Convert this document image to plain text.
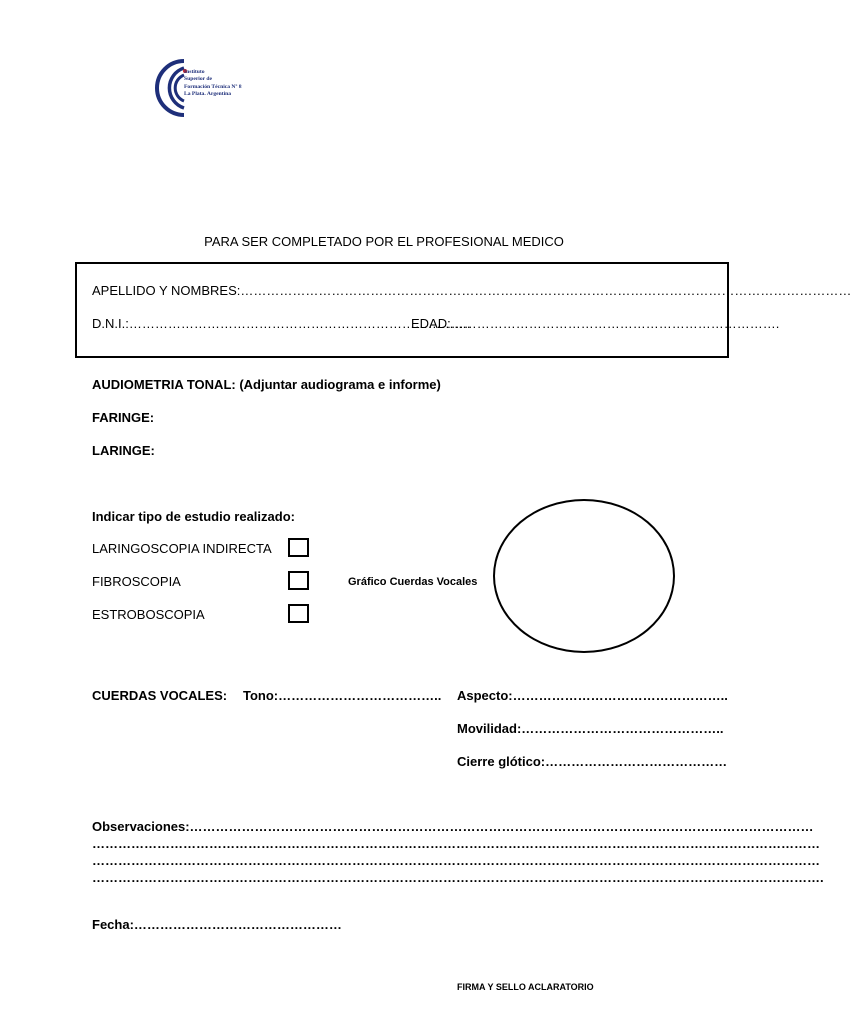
Instituto
Superior de
Formación Técnica Nº 8
La Plata. Argentina
PARA SER COMPLETADO POR EL PROFESIONAL MEDICO
APELLIDO Y NOMBRES:……………………………………………………………………………………………………………………………
D.N.I.:…………………………………………………………………….
EDAD:………………………………………………………………….
AUDIOMETRIA TONAL: (Adjuntar audiograma e informe)
FARINGE:
LARINGE:
Indicar tipo de estudio realizado:
LARINGOSCOPIA INDIRECTA
FIBROSCOPIA
ESTROBOSCOPIA
Gráfico Cuerdas Vocales
CUERDAS VOCALES: Tono:……………………………….. Aspecto:…………………………………………..
Movilidad:………………………………………..
Cierre glótico:……………………………………
Observaciones:………………………………………………………………………………………………………………………………
……………………………………………………………………………………………………………………………………………………
……………………………………………………………………………………………………………………………………………………
…………………………………………………………………………………………………………………………………………………….
Fecha:…………………………………………
FIRMA Y SELLO ACLARATORIO
